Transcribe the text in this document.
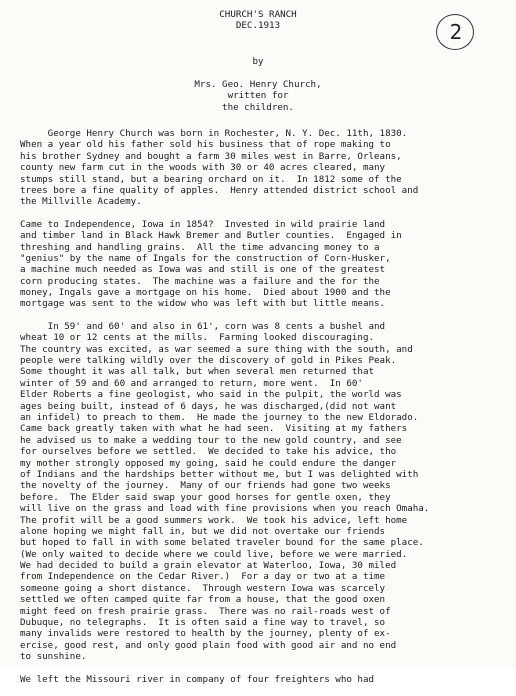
2
CHURCH'S RANCH
DEC.1913
by

Mrs. Geo. Henry Church,
written for
the children.
George Henry Church was born in Rochester, N. Y. Dec. 11th, 1830.
When a year old his father sold his business that of rope making to
his brother Sydney and bought a farm 30 miles west in Barre, Orleans,
county new farm cut in the woods with 30 or 40 acres cleared, many
stumps still stand, but a bearing orchard on it.  In 1812 some of the
trees bore a fine quality of apples.  Henry attended district school and
the Millville Academy.
Came to Independence, Iowa in 1854?  Invested in wild prairie land
and timber land in Black Hawk Bremer and Butler counties.  Engaged in
threshing and handling grains.  All the time advancing money to a
"genius" by the name of Ingals for the construction of Corn-Husker,
a machine much needed as Iowa was and still is one of the greatest
corn producing states.  The machine was a failure and the for the
money, Ingals gave a mortgage on his home.  Died about 1900 and the
mortgage was sent to the widow who was left with but little means.
In 59' and 60' and also in 61', corn was 8 cents a bushel and
wheat 10 or 12 cents at the mills.  Farming looked discouraging.
The country was excited, as war seemed a sure thing with the south, and
people were talking wildly over the discovery of gold in Pikes Peak.
Some thought it was all talk, but when several men returned that
winter of 59 and 60 and arranged to return, more went.  In 60'
Elder Roberts a fine geologist, who said in the pulpit, the world was
ages being built, instead of 6 days, he was discharged,(did not want
an infidel) to preach to them.  He made the journey to the new Eldorado.
Came back greatly taken with what he had seen.  Visiting at my fathers
he advised us to make a wedding tour to the new gold country, and see
for ourselves before we settled.  We decided to take his advice, tho
my mother strongly opposed my going, said he could endure the danger
of Indians and the hardships better without me, but I was delighted with
the novelty of the journey.  Many of our friends had gone two weeks
before.  The Elder said swap your good horses for gentle oxen, they
will live on the grass and load with fine provisions when you reach Omaha.
The profit will be a good summers work.  We took his advice, left home
alone hoping we might fall in, but we did not overtake our friends
but hoped to fall in with some belated traveler bound for the same place.
(We only waited to decide where we could live, before we were married.
We had decided to build a grain elevator at Waterloo, Iowa, 30 miled
from Independence on the Cedar River.)  For a day or two at a time
someone going a short distance.  Through western Iowa was scarcely
settled we often camped quite far from a house, that the good oxen
might feed on fresh prairie grass.  There was no rail-roads west of
Dubuque, no telegraphs.  It is often said a fine way to travel, so
many invalids were restored to health by the journey, plenty of ex-
ercise, good rest, and only good plain food with good air and no end
to sunshine.
We left the Missouri river in company of four freighters who had
